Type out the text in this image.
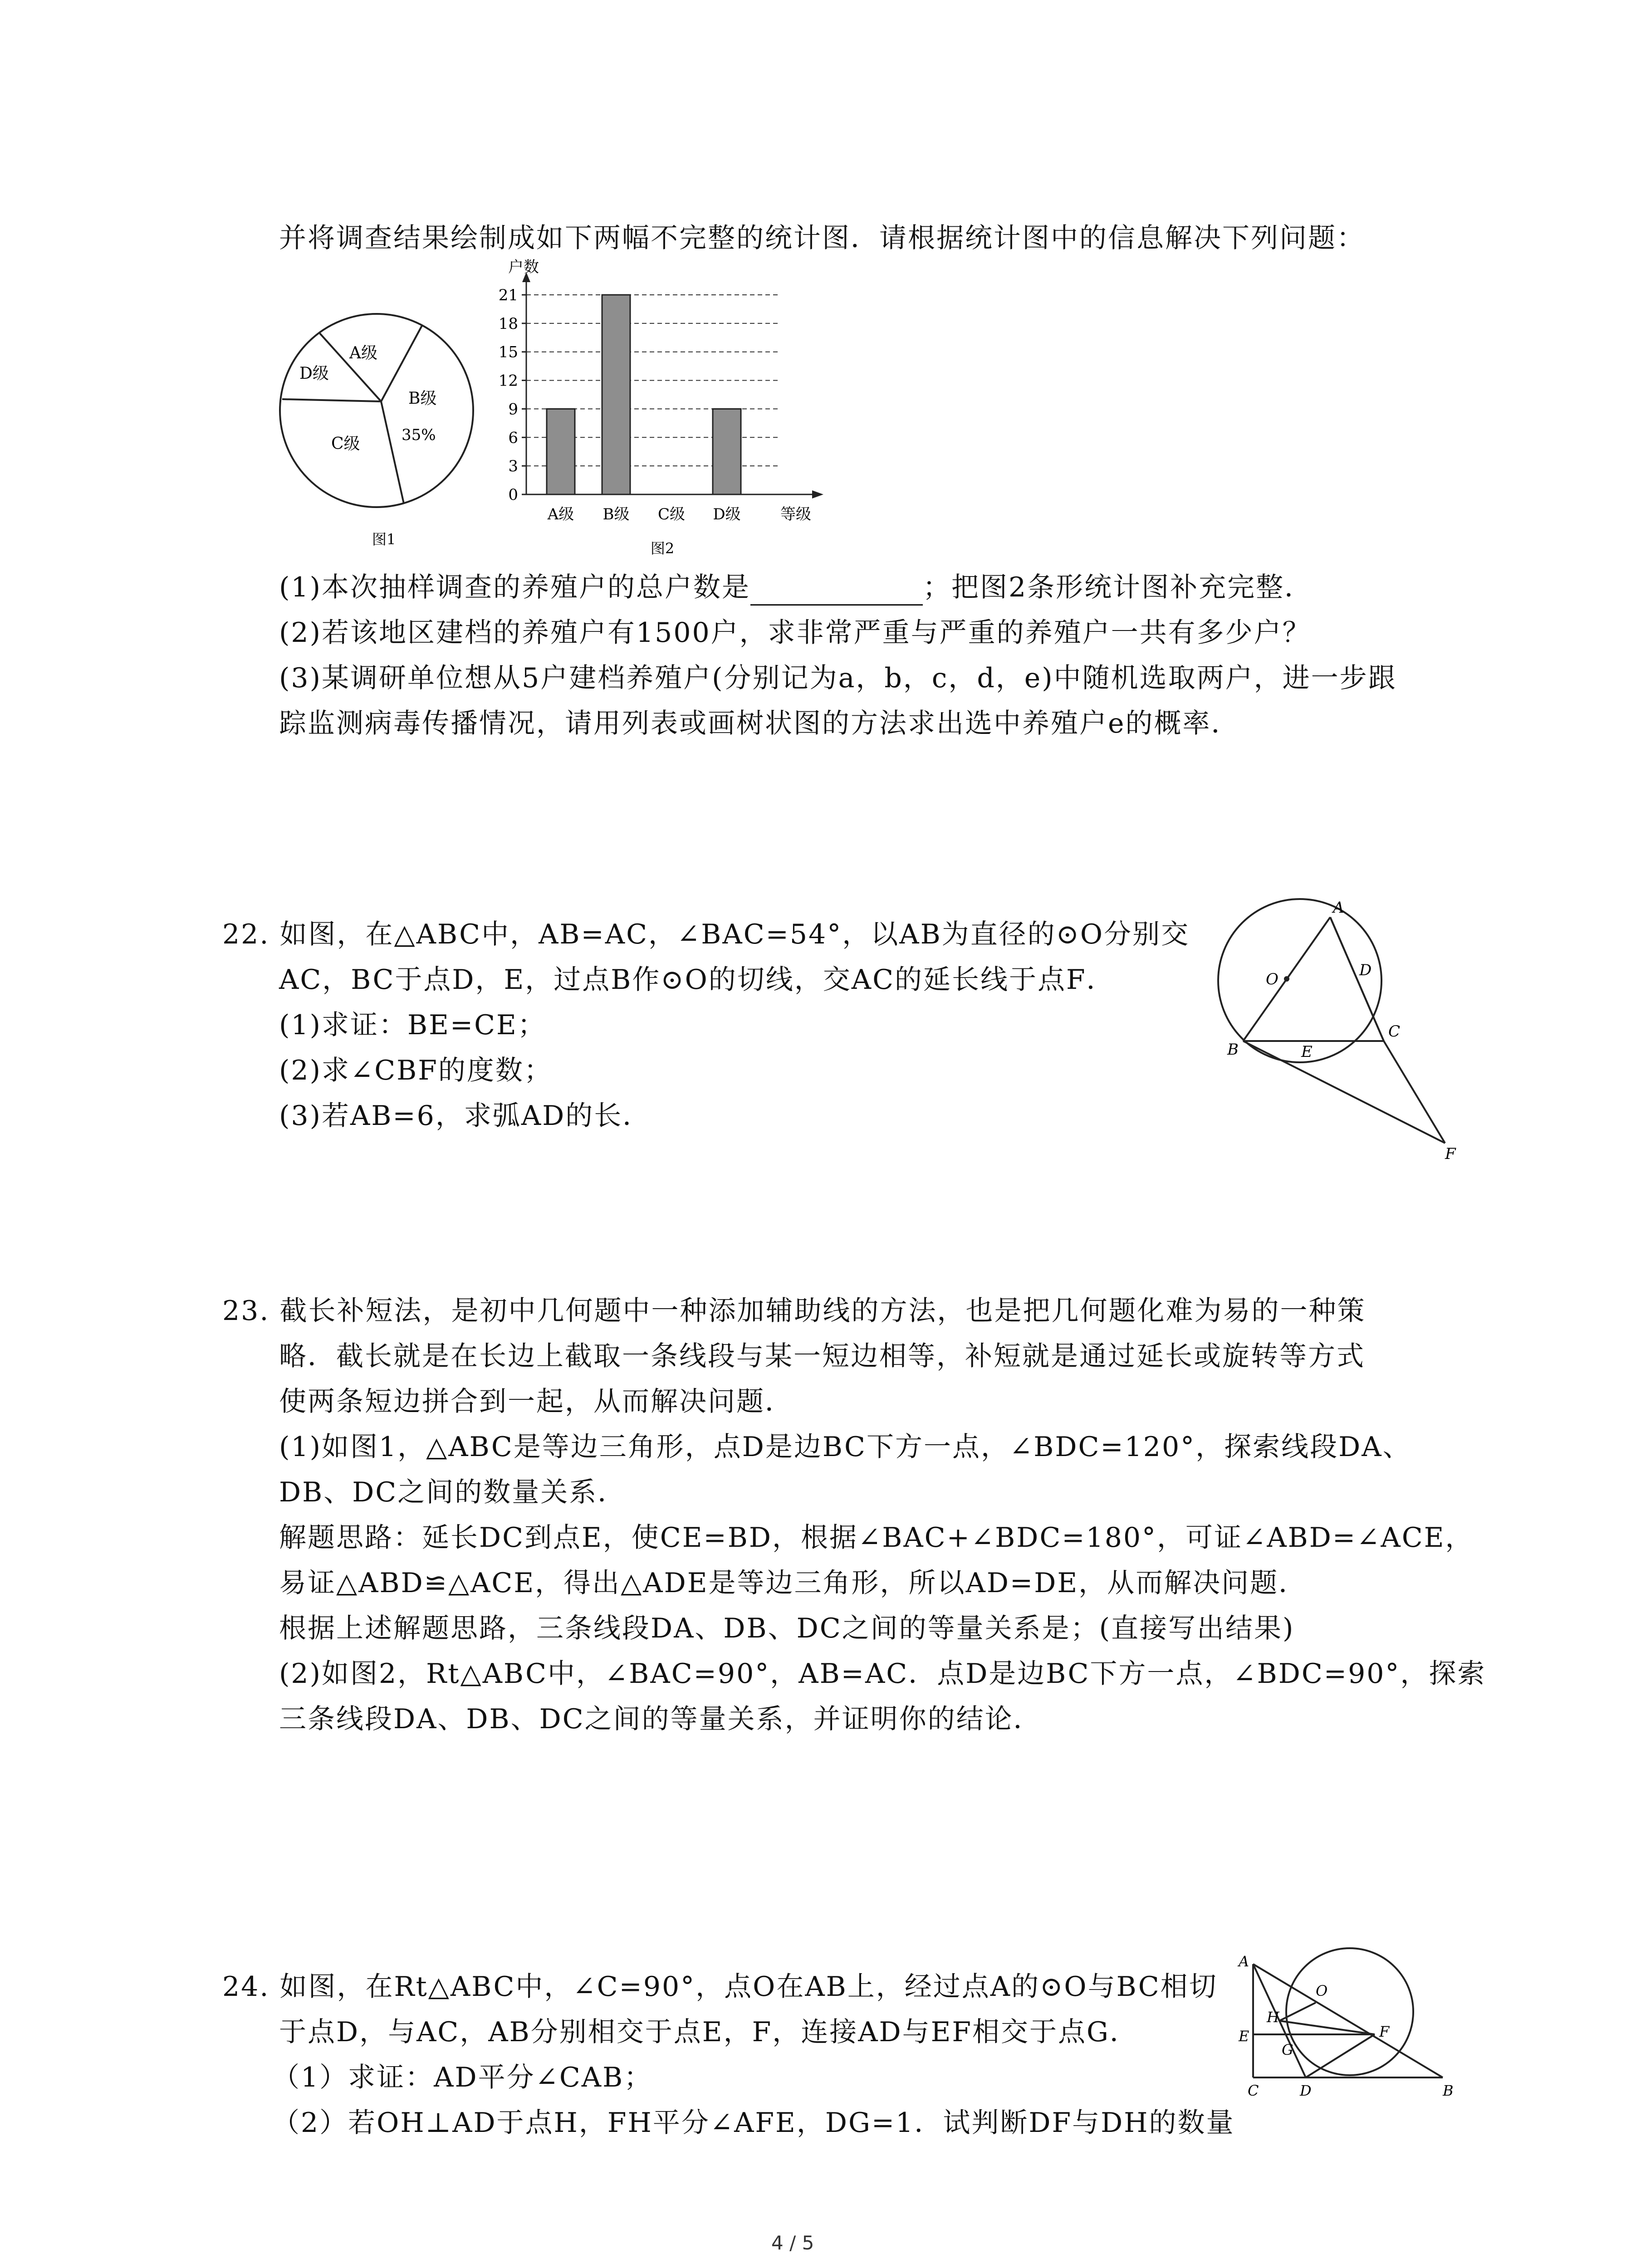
并将调查结果绘制成如下两幅不完整的统计图．请根据统计图中的信息解决下列问题：
A级
D级
B级
35%
C级
图1
0
3
6
9
12
15
18
21
户数
等级
A级 B级 C级 D级
图2
(1)本次抽样调查的养殖户的总户数是	；把图2条形统计图补充完整．
(2)若该地区建档的养殖户有1500户，求非常严重与严重的养殖户一共有多少户？
(3)某调研单位想从5户建档养殖户(分别记为a，b，c，d，e)中随机选取两户，进一步跟
踪监测病毒传播情况，请用列表或画树状图的方法求出选中养殖户e的概率．
22. 如图，在△ABC中，AB=AC，∠BAC=54°，以AB为直径的⊙O分别交
AC，BC于点D，E，过点B作⊙O的切线，交AC的延长线于点F．
(1)求证：BE=CE；
(2)求∠CBF的度数；
(3)若AB=6，求弧AD的长．
A
O	D
C
B	E
F
23. 截长补短法，是初中几何题中一种添加辅助线的方法，也是把几何题化难为易的一种策
略．截长就是在长边上截取一条线段与某一短边相等，补短就是通过延长或旋转等方式
使两条短边拼合到一起，从而解决问题．
(1)如图1，△ABC是等边三角形，点D是边BC下方一点，∠BDC=120°，探索线段DA、
DB、DC之间的数量关系．
解题思路：延长DC到点E，使CE=BD，根据∠BAC+∠BDC=180°，可证∠ABD=∠ACE，
易证△ABD≌△ACE，得出△ADE是等边三角形，所以AD=DE，从而解决问题．
根据上述解题思路，三条线段DA、DB、DC之间的等量关系是；(直接写出结果)
(2)如图2，Rt△ABC中，∠BAC=90°，AB=AC．点D是边BC下方一点，∠BDC=90°，探索
三条线段DA、DB、DC之间的等量关系，并证明你的结论．
24. 如图，在Rt△ABC中，∠C=90°，点O在AB上，经过点A的⊙O与BC相切
于点D，与AC，AB分别相交于点E，F，连接AD与EF相交于点G．
（1）求证：AD平分∠CAB；
（2）若OH⊥AD于点H，FH平分∠AFE，DG=1．试判断DF与DH的数量
A
O
H
E
G
F
C	D	B
4 / 5
